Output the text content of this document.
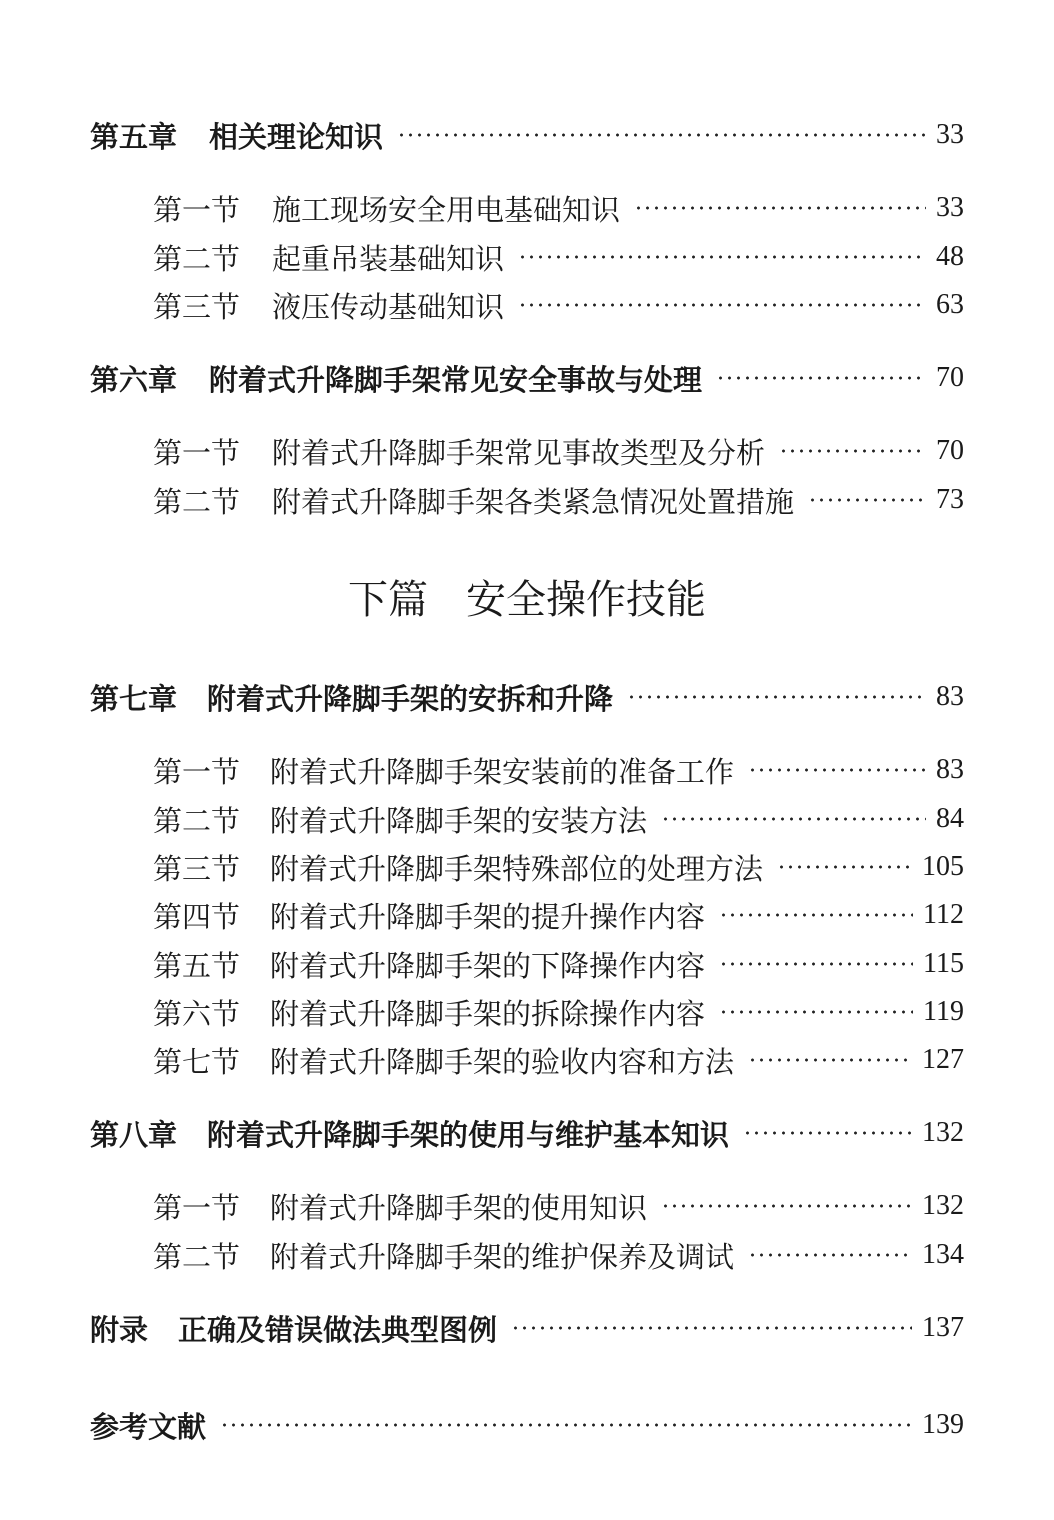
第五章 相关理论知识	33
第一节 施工现场安全用电基础知识	33
第二节 起重吊装基础知识	48
第三节 液压传动基础知识	63
第六章 附着式升降脚手架常见安全事故与处理	70
第一节 附着式升降脚手架常见事故类型及分析	70
第二节 附着式升降脚手架各类紧急情况处置措施	73
下篇 安全操作技能
第七章 附着式升降脚手架的安拆和升降	83
第一节 附着式升降脚手架安装前的准备工作	83
第二节 附着式升降脚手架的安装方法	84
第三节 附着式升降脚手架特殊部位的处理方法	105
第四节 附着式升降脚手架的提升操作内容	112
第五节 附着式升降脚手架的下降操作内容	115
第六节 附着式升降脚手架的拆除操作内容	119
第七节 附着式升降脚手架的验收内容和方法	127
第八章 附着式升降脚手架的使用与维护基本知识	132
第一节 附着式升降脚手架的使用知识	132
第二节 附着式升降脚手架的维护保养及调试	134
附录 正确及错误做法典型图例	137
参考文献	139
